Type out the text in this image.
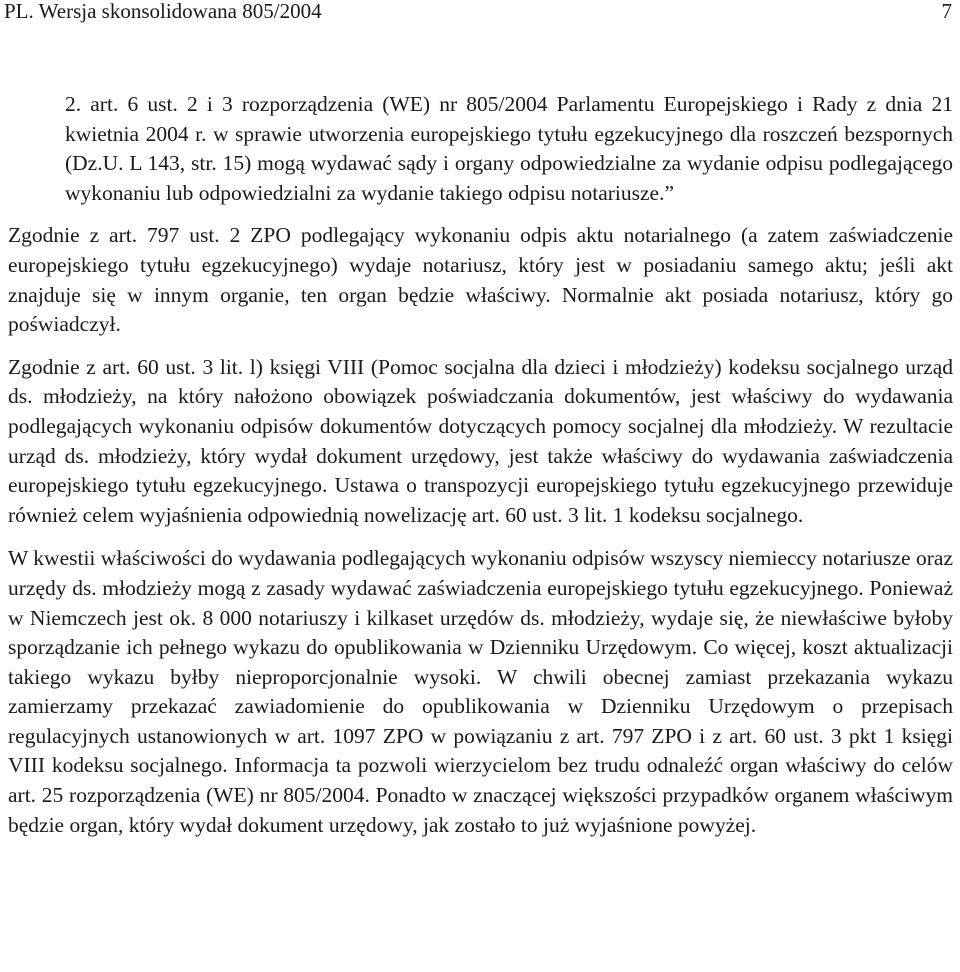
PL. Wersja skonsolidowana 805/2004	7

2. art. 6 ust. 2 i 3 rozporządzenia (WE) nr 805/2004 Parlamentu Europejskiego i Rady z dnia 21 kwietnia 2004 r. w sprawie utworzenia europejskiego tytułu egzekucyjnego dla roszczeń bezspornych (Dz.U. L 143, str. 15) mogą wydawać sądy i organy odpowiedzialne za wydanie odpisu podlegającego wykonaniu lub odpowiedzialni za wydanie takiego odpisu notariusze.”

Zgodnie z art. 797 ust. 2 ZPO podlegający wykonaniu odpis aktu notarialnego (a zatem zaświadczenie europejskiego tytułu egzekucyjnego) wydaje notariusz, który jest w posiadaniu samego aktu; jeśli akt znajduje się w innym organie, ten organ będzie właściwy. Normalnie akt posiada notariusz, który go poświadczył.

Zgodnie z art. 60 ust. 3 lit. l) księgi VIII (Pomoc socjalna dla dzieci i młodzieży) kodeksu socjalnego urząd ds. młodzieży, na który nałożono obowiązek poświadczania dokumentów, jest właściwy do wydawania podlegających wykonaniu odpisów dokumentów dotyczących pomocy socjalnej dla młodzieży. W rezultacie urząd ds. młodzieży, który wydał dokument urzędowy, jest także właściwy do wydawania zaświadczenia europejskiego tytułu egzekucyjnego. Ustawa o transpozycji europejskiego tytułu egzekucyjnego przewiduje również celem wyjaśnienia odpowiednią nowelizację art. 60 ust. 3 lit. 1 kodeksu socjalnego.

W kwestii właściwości do wydawania podlegających wykonaniu odpisów wszyscy niemieccy notariusze oraz urzędy ds. młodzieży mogą z zasady wydawać zaświadczenia europejskiego tytułu egzekucyjnego. Ponieważ w Niemczech jest ok. 8 000 notariuszy i kilkaset urzędów ds. młodzieży, wydaje się, że niewłaściwe byłoby sporządzanie ich pełnego wykazu do opublikowania w Dzienniku Urzędowym. Co więcej, koszt aktualizacji takiego wykazu byłby nieproporcjonalnie wysoki. W chwili obecnej zamiast przekazania wykazu zamierzamy przekazać zawiadomienie do opublikowania w Dzienniku Urzędowym o przepisach regulacyjnych ustanowionych w art. 1097 ZPO w powiązaniu z art. 797 ZPO i z art. 60 ust. 3 pkt 1 księgi VIII kodeksu socjalnego. Informacja ta pozwoli wierzycielom bez trudu odnaleźć organ właściwy do celów art. 25 rozporządzenia (WE) nr 805/2004. Ponadto w znaczącej większości przypadków organem właściwym będzie organ, który wydał dokument urzędowy, jak zostało to już wyjaśnione powyżej.
